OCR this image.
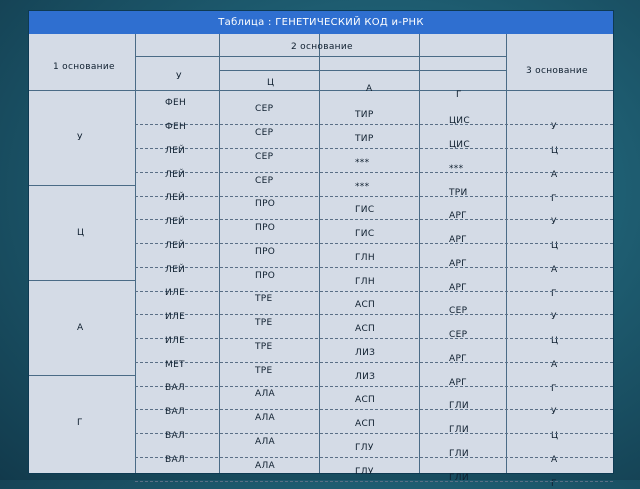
Таблица : ГЕНЕТИЧЕСКИЙ КОД и-РНК
1 основание
2 основание
3 основание
У
Ц
А
Г
У
ФЕН
СЕР
ТИР
ЦИС
У
ФЕН
СЕР
ТИР
ЦИС
Ц
ЛЕЙ
СЕР
***
***
А
ЛЕЙ
СЕР
***
ТРИ
Г
Ц
ЛЕЙ
ПРО
ГИС
АРГ
У
ЛЕЙ
ПРО
ГИС
АРГ
Ц
ЛЕЙ
ПРО
ГЛН
АРГ
А
ЛЕЙ
ПРО
ГЛН
АРГ
Г
А
ИЛЕ
ТРЕ
АСП
СЕР
У
ИЛЕ
ТРЕ
АСП
СЕР
Ц
ИЛЕ
ТРЕ
ЛИЗ
АРГ
А
МЕТ
ТРЕ
ЛИЗ
АРГ
Г
Г
ВАЛ
АЛА
АСП
ГЛИ
У
ВАЛ
АЛА
АСП
ГЛИ
Ц
ВАЛ
АЛА
ГЛУ
ГЛИ
А
ВАЛ
АЛА
ГЛУ
ГЛИ
Г
